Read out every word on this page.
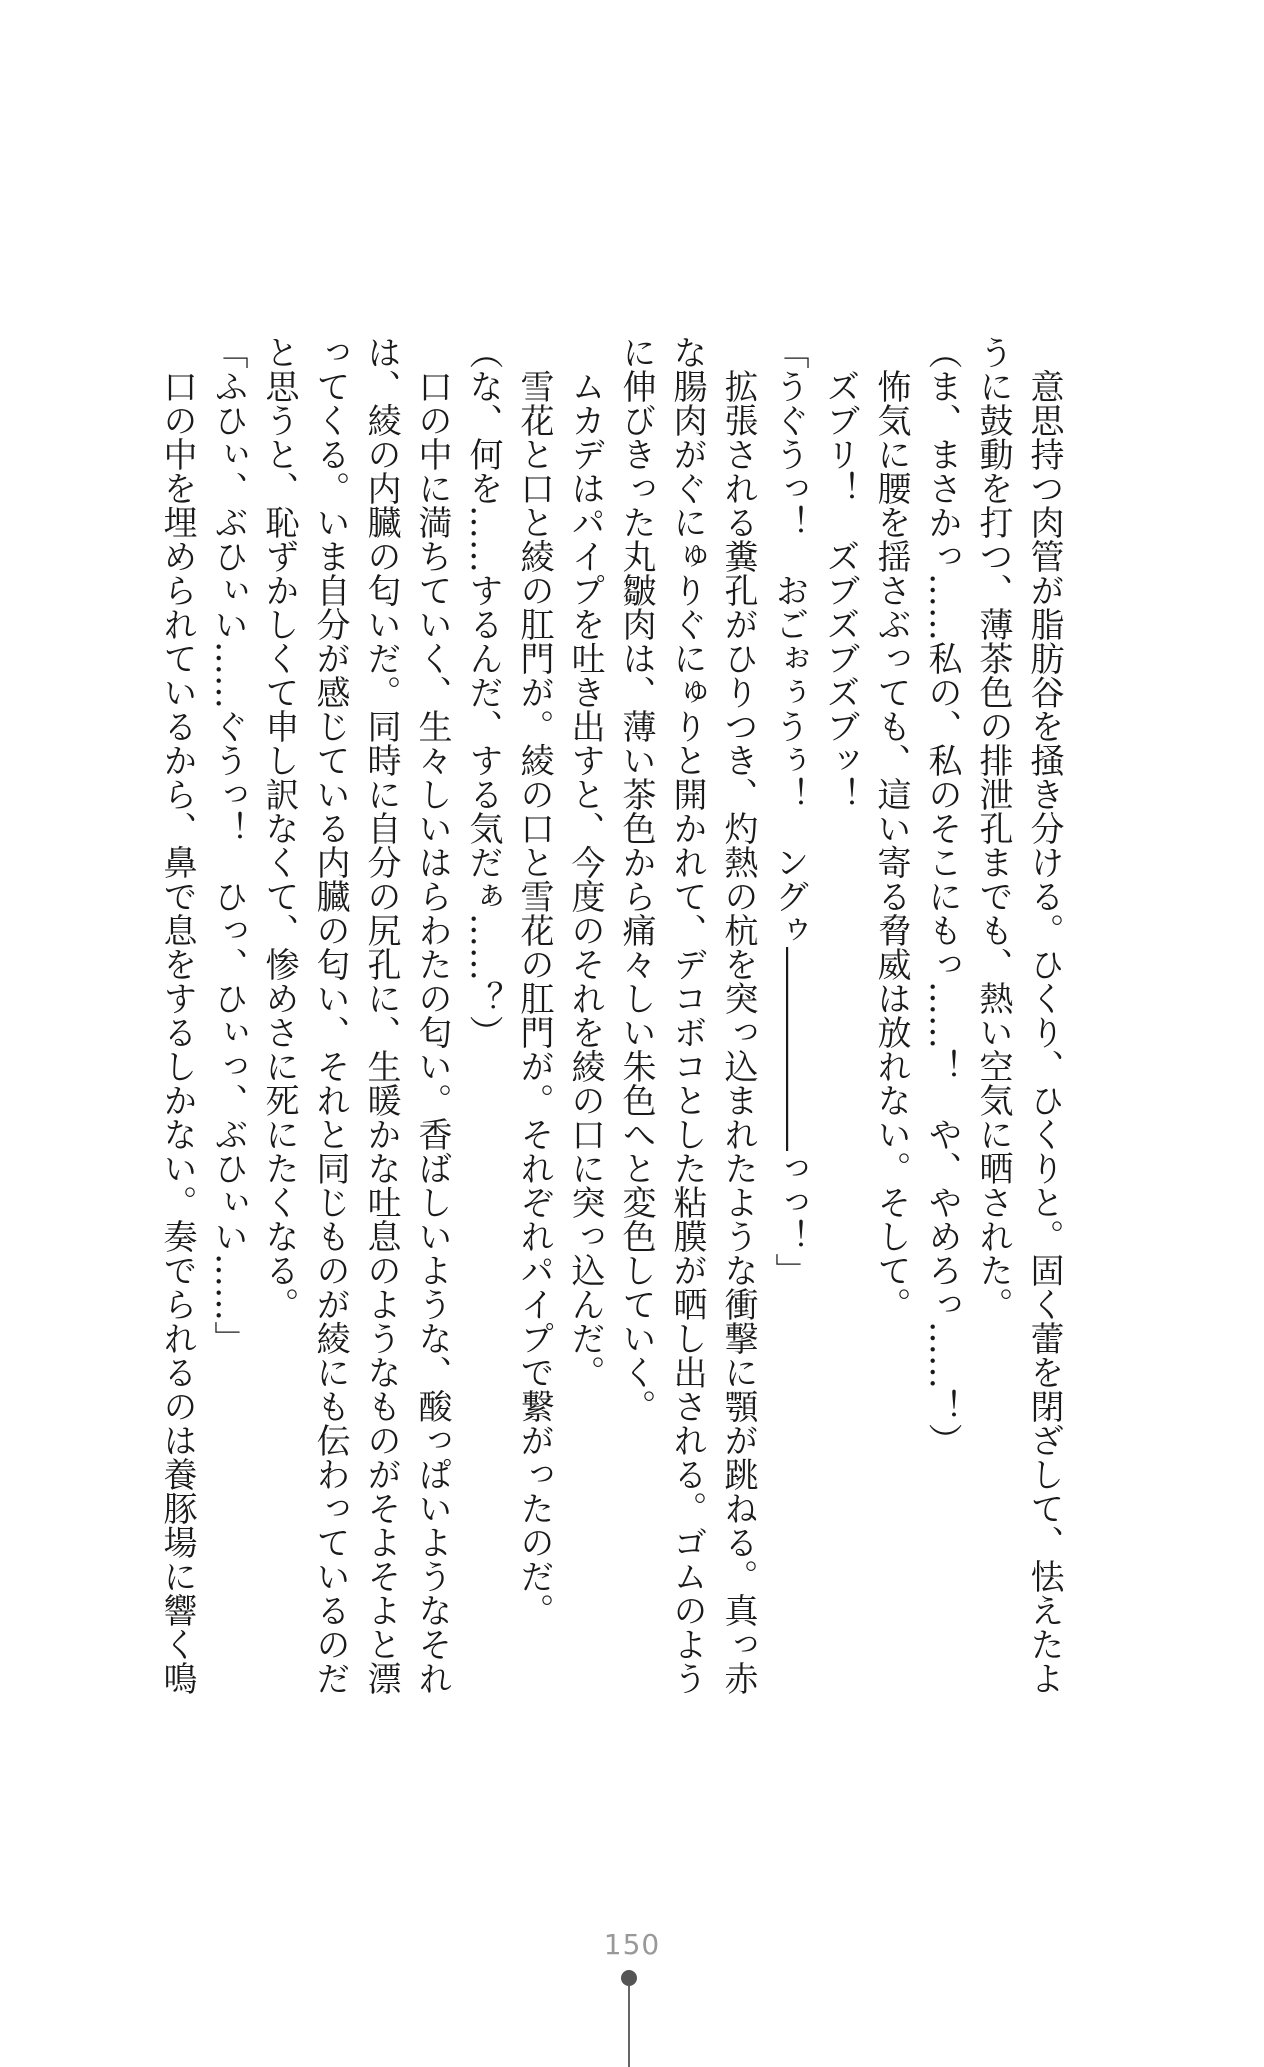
　意思持つ肉管が脂肪谷を掻き分ける。ひくり、ひくりと。固く蕾を閉ざして、怯えたように鼓動を打つ、薄茶色の排泄孔までも、熱い空気に晒された。

（ま、まさかっ……私の、私のそこにもっ……！　や、やめろっ……！）

　怖気に腰を揺さぶっても、這い寄る脅威は放れない。そして。

　ズブリ！　ズブズブズブッ！

「うぐうっ！　おごぉぅうぅ！　ングゥ――――――っっ！」

　拡張される糞孔がひりつき、灼熱の杭を突っ込まれたような衝撃に顎が跳ねる。真っ赤な腸肉がぐにゅりぐにゅりと開かれて、デコボコとした粘膜が晒し出される。ゴムのように伸びきった丸皺肉は、薄い茶色から痛々しい朱色へと変色していく。

　ムカデはパイプを吐き出すと、今度のそれを綾の口に突っ込んだ。

　雪花と口と綾の肛門が。綾の口と雪花の肛門が。それぞれパイプで繋がったのだ。

（な、何を……するんだ、する気だぁ……？）

　口の中に満ちていく、生々しいはらわたの匂い。香ばしいような、酸っぱいようなそれは、綾の内臓の匂いだ。同時に自分の尻孔に、生暖かな吐息のようなものがそよそよと漂ってくる。いま自分が感じている内臓の匂い、それと同じものが綾にも伝わっているのだと思うと、恥ずかしくて申し訳なくて、惨めさに死にたくなる。

「ふひぃ、ぶひぃい……ぐうっ！　ひっ、ひぃっ、ぶひぃい……」

　口の中を埋められているから、鼻で息をするしかない。奏でられるのは養豚場に響く鳴

150
